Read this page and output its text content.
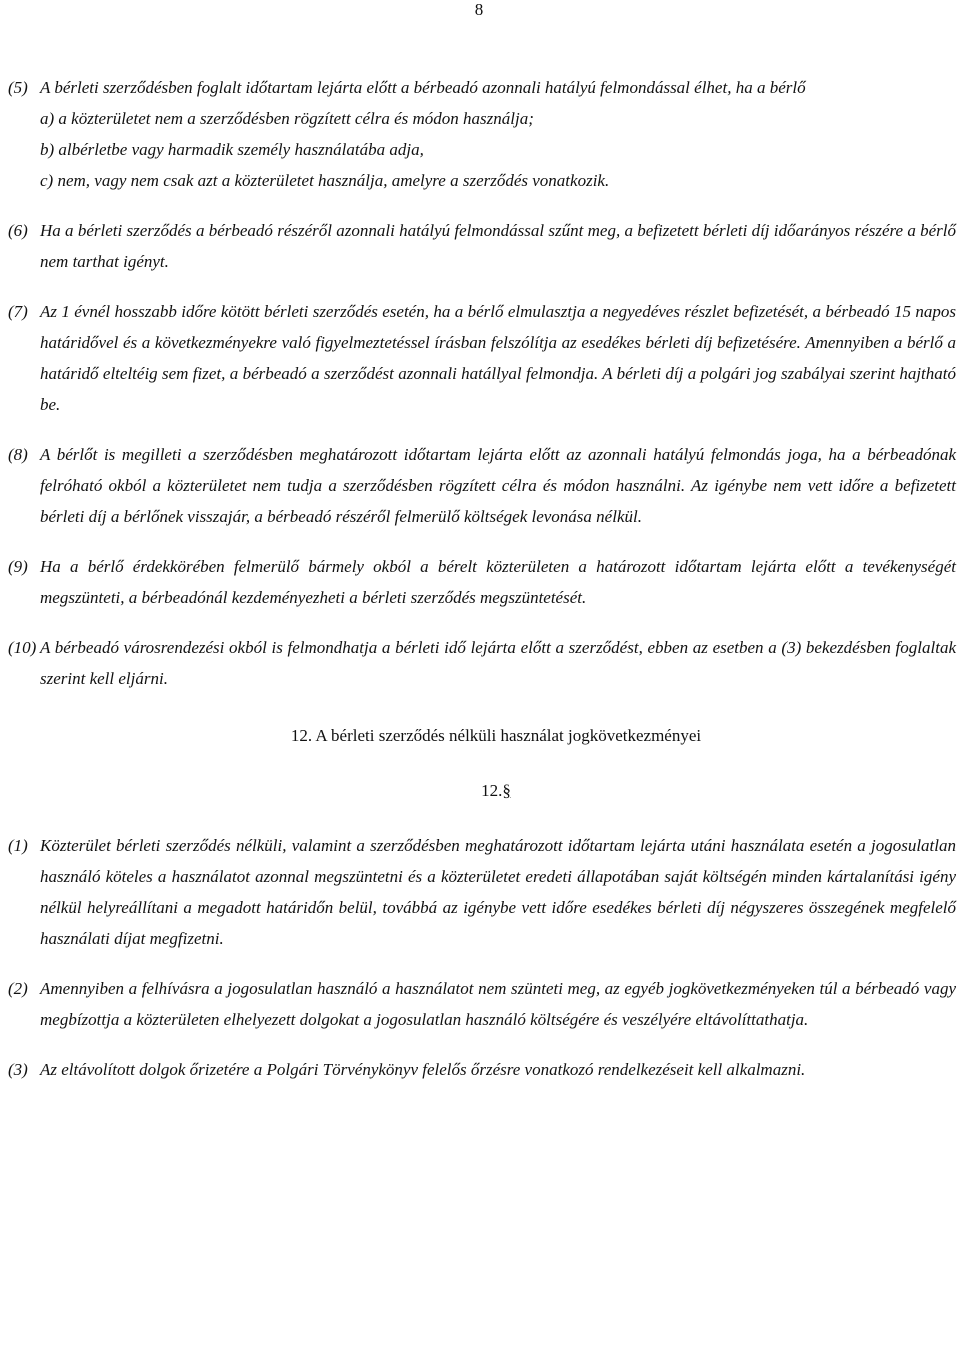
8
(5) A bérleti szerződésben foglalt időtartam lejárta előtt a bérbeadó azonnali hatályú felmondással élhet, ha a bérlő
a) a közterületet nem a szerződésben rögzített célra és módon használja;
b) albérletbe vagy harmadik személy használatába adja,
c) nem, vagy nem csak azt a közterületet használja, amelyre a szerződés vonatkozik.
(6) Ha a bérleti szerződés a bérbeadó részéről azonnali hatályú felmondással szűnt meg, a befizetett bérleti díj időarányos részére a bérlő nem tarthat igényt.
(7) Az 1 évnél hosszabb időre kötött bérleti szerződés esetén, ha a bérlő elmulasztja a negyedéves részlet befizetését, a bérbeadó 15 napos határidővel és a következményekre való figyelmeztetéssel írásban felszólítja az esedékes bérleti díj befizetésére. Amennyiben a bérlő a határidő elteltéig sem fizet, a bérbeadó a szerződést azonnali hatállyal felmondja. A bérleti díj a polgári jog szabályai szerint hajtható be.
(8) A bérlőt is megilleti a szerződésben meghatározott időtartam lejárta előtt az azonnali hatályú felmondás joga, ha a bérbeadónak felróható okból a közterületet nem tudja a szerződésben rögzített célra és módon használni. Az igénybe nem vett időre a befizetett bérleti díj a bérlőnek visszajár, a bérbeadó részéről felmerülő költségek levonása nélkül.
(9) Ha a bérlő érdekkörében felmerülő bármely okból a bérelt közterületen a határozott időtartam lejárta előtt a tevékenységét megszünteti, a bérbeadónál kezdeményezheti a bérleti szerződés megszüntetését.
(10) A bérbeadó városrendezési okból is felmondhatja a bérleti idő lejárta előtt a szerződést, ebben az esetben a (3) bekezdésben foglaltak szerint kell eljárni.
12. A bérleti szerződés nélküli használat jogkövetkezményei
12.§
(1) Közterület bérleti szerződés nélküli, valamint a szerződésben meghatározott időtartam lejárta utáni használata esetén a jogosulatlan használó köteles a használatot azonnal megszüntetni és a közterületet eredeti állapotában saját költségén minden kártalanítási igény nélkül helyreállítani a megadott határidőn belül, továbbá az igénybe vett időre esedékes bérleti díj négyszeres összegének megfelelő használati díjat megfizetni.
(2) Amennyiben a felhívásra a jogosulatlan használó a használatot nem szünteti meg, az egyéb jogkövetkezményeken túl a bérbeadó vagy megbízottja a közterületen elhelyezett dolgokat a jogosulatlan használó költségére és veszélyére eltávolíttathatja.
(3) Az eltávolított dolgok őrizetére a Polgári Törvénykönyv felelős őrzésre vonatkozó rendelkezéseit kell alkalmazni.
